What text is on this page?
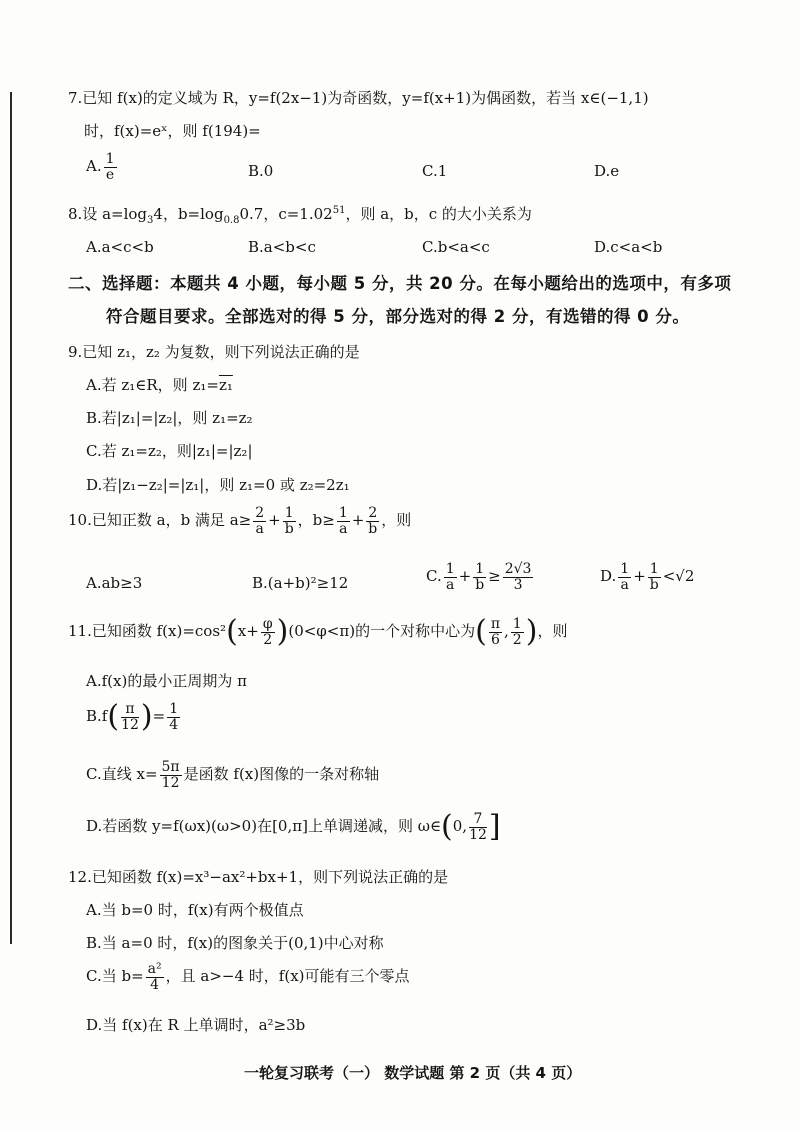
7.已知 f(x)的定义域为 R，y=f(2x−1)为奇函数，y=f(x+1)为偶函数，若当 x∈(−1,1)
时，f(x)=eˣ，则 f(194)=
A. $\frac{1}{e}$	B.0	C.1	D.e
8.设 $a=\log_34$，$b=\log_{0.8}0.7$，$c=1.02^{51}$，则 a，b，c 的大小关系为
A.a<c<b	B.a<b<c	C.b<a<c	D.c<a<b
二、选择题：本题共 4 小题，每小题 5 分，共 20 分。在每小题给出的选项中，有多项
符合题目要求。全部选对的得 5 分，部分选对的得 2 分，有选错的得 0 分。
9.已知 z₁，z₂ 为复数，则下列说法正确的是
A.若 z₁∈R，则 z₁=z₁
B.若|z₁|=|z₂|，则 z₁=z₂
C.若 z₁=z₂，则|z₁|=|z₂|
D.若|z₁−z₂|=|z₁|，则 z₁=0 或 z₂=2z₁
10.已知正数 a，b 满足 $a\ge \frac{2}{a} + \frac{1}{b}$ ，$b\ge \frac{1}{a} + \frac{2}{b}$ ，则
A.ab≥3	B.(a+b)²≥12	C. $\frac{1}{a} + \frac{1}{b} \ge \frac{2√3}{3}$	D. $\frac{1}{a} + \frac{1}{b} <√2$
11.已知函数 $f(x)=\cos^2(x+ \frac{\varphi}{2} )(0<\varphi<\pi)$的一个对称中心为( $\frac{\pi}{6}$ , $\frac{1}{2}$ )，则
A.f(x)的最小正周期为 π
$B.f( \frac{\pi}{12}$ )= $\frac{1}{4}$
C.直线 $x= \frac{5\pi}{12}$ 是函数 f(x)图像的一条对称轴
D.若函数 y=f(ωx)(ω>0)在[0,π]上单调递减，则 ω∈(0, $\frac{7}{12}$ ]
12.已知函数 f(x)=x³−ax²+bx+1，则下列说法正确的是
A.当 b=0 时，f(x)有两个极值点
B.当 a=0 时，f(x)的图象关于(0,1)中心对称
C.当 $b= \frac{\text{a²}}{4}$ ，且 a>−4 时，f(x)可能有三个零点
D.当 f(x)在 R 上单调时，a²≥3b
一轮复习联考（一） 数学试题 第 2 页（共 4 页）
